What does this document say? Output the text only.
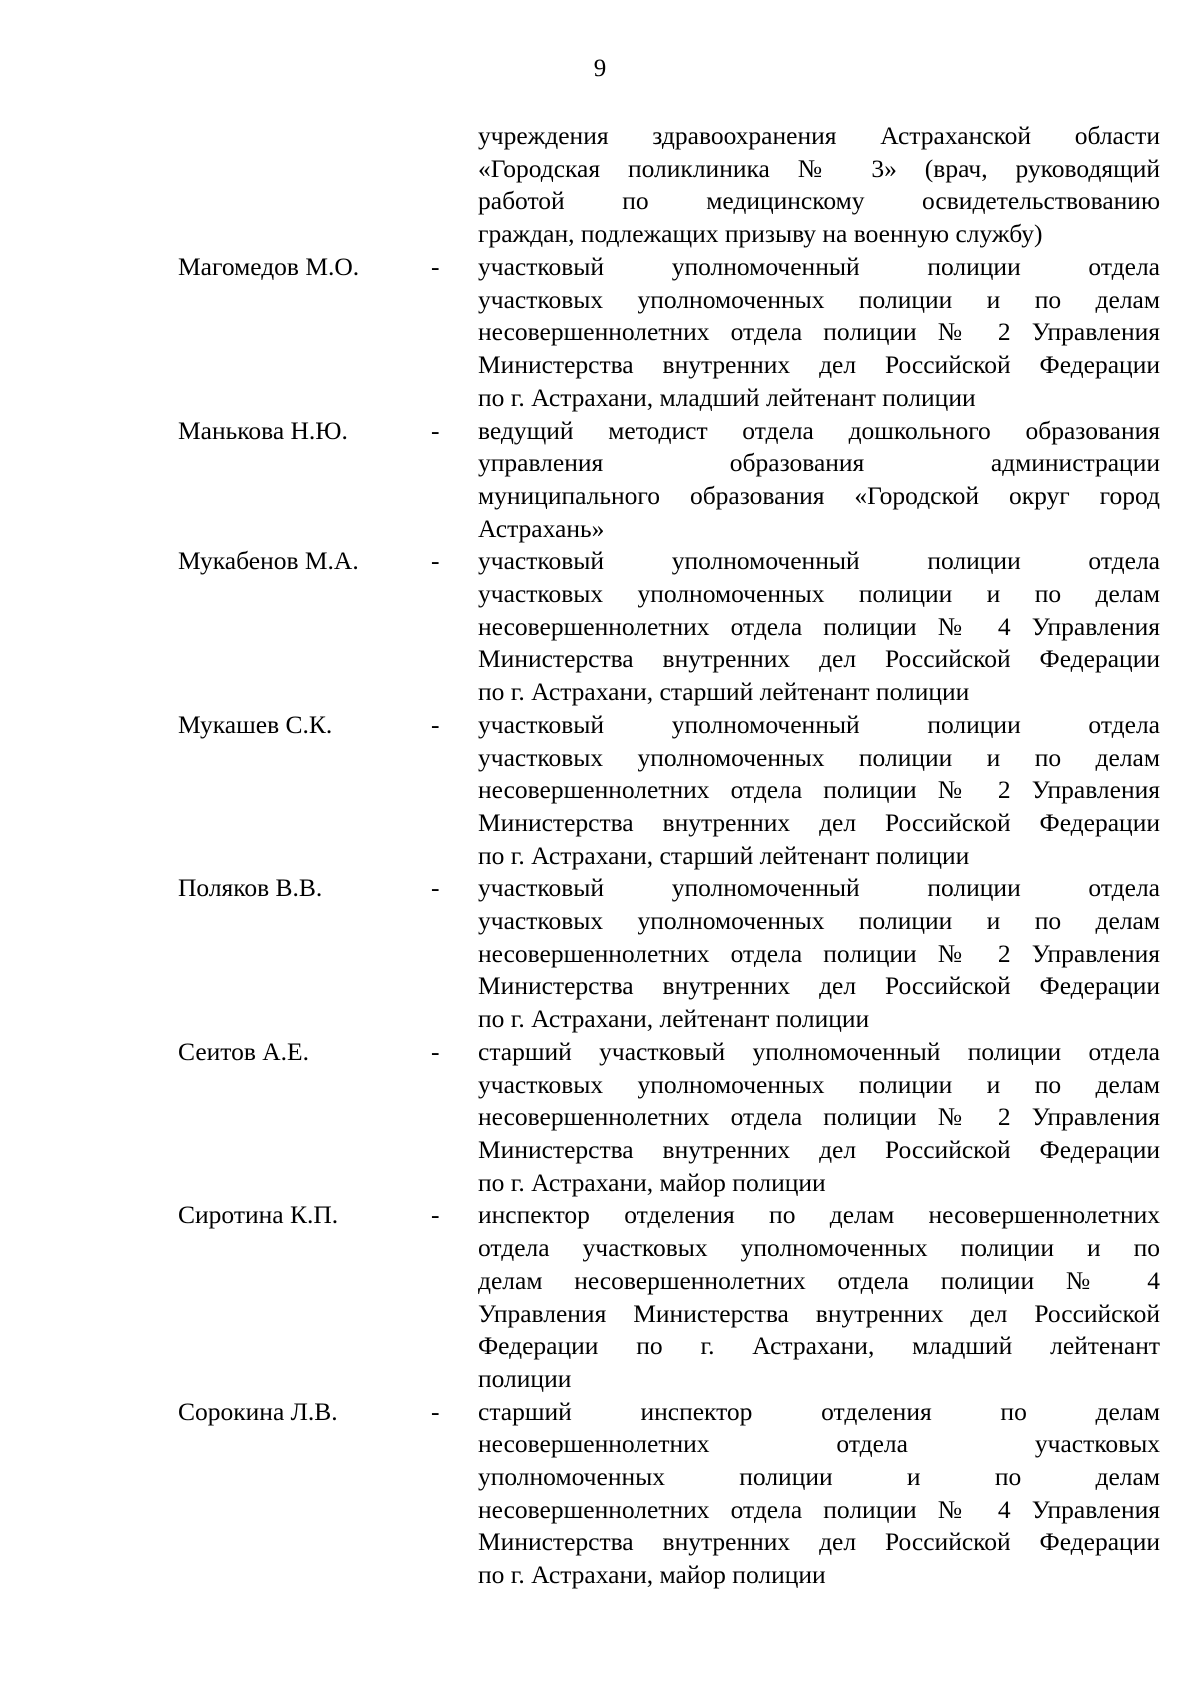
9
учреждения здравоохранения Астраханской области
«Городская поликлиника № 3» (врач, руководящий
работой по медицинскому освидетельствованию
граждан, подлежащих призыву на военную службу)
Магомедов М.О.	- участковый уполномоченный полиции отдела
участковых уполномоченных полиции и по делам
несовершеннолетних отдела полиции № 2 Управления
Министерства внутренних дел Российской Федерации
по г. Астрахани, младший лейтенант полиции
Манькова Н.Ю.	- ведущий методист отдела дошкольного образования
управления образования администрации
муниципального образования «Городской округ город
Астрахань»
Мукабенов М.А.	- участковый уполномоченный полиции отдела
участковых уполномоченных полиции и по делам
несовершеннолетних отдела полиции № 4 Управления
Министерства внутренних дел Российской Федерации
по г. Астрахани, старший лейтенант полиции
Мукашев С.К.	- участковый уполномоченный полиции отдела
участковых уполномоченных полиции и по делам
несовершеннолетних отдела полиции № 2 Управления
Министерства внутренних дел Российской Федерации
по г. Астрахани, старший лейтенант полиции
Поляков В.В.	- участковый уполномоченный полиции отдела
участковых уполномоченных полиции и по делам
несовершеннолетних отдела полиции № 2 Управления
Министерства внутренних дел Российской Федерации
по г. Астрахани, лейтенант полиции
Сеитов А.Е.	- старший участковый уполномоченный полиции отдела
участковых уполномоченных полиции и по делам
несовершеннолетних отдела полиции № 2 Управления
Министерства внутренних дел Российской Федерации
по г. Астрахани, майор полиции
Сиротина К.П.	- инспектор отделения по делам несовершеннолетних
отдела участковых уполномоченных полиции и по
делам несовершеннолетних отдела полиции № 4
Управления Министерства внутренних дел Российской
Федерации по г. Астрахани, младший лейтенант
полиции
Сорокина Л.В.	- старший инспектор отделения по делам
несовершеннолетних отдела участковых
уполномоченных полиции и по делам
несовершеннолетних отдела полиции № 4 Управления
Министерства внутренних дел Российской Федерации
по г. Астрахани, майор полиции
